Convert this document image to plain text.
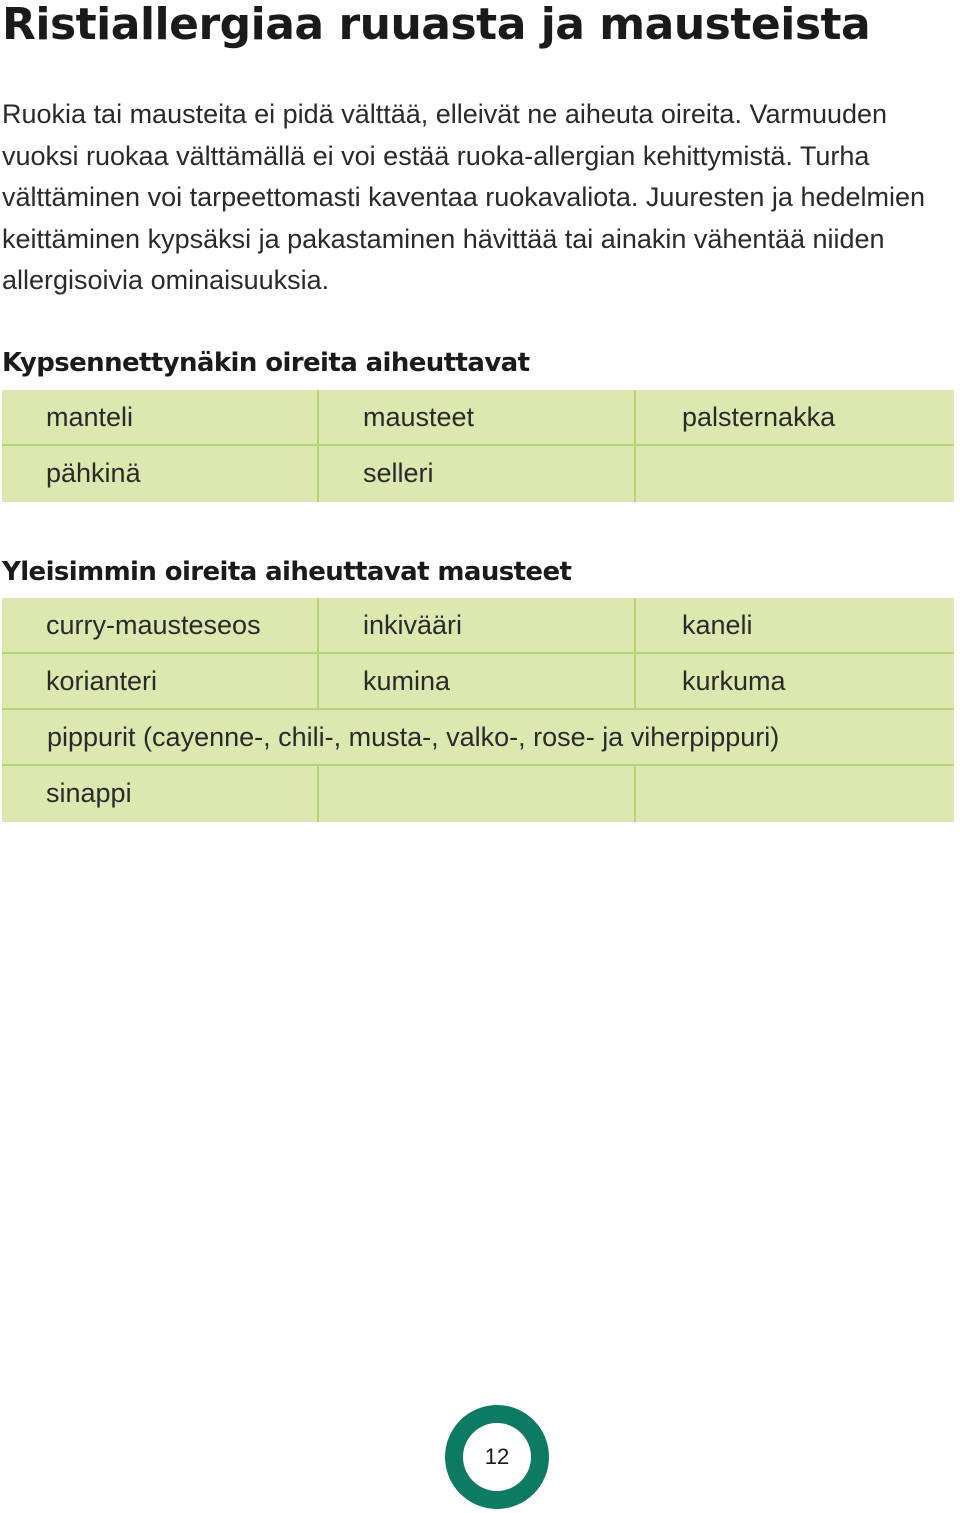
Ristiallergiaa ruuasta ja mausteista

Ruokia tai mausteita ei pidä välttää, elleivät ne aiheuta oireita. Varmuuden vuoksi ruokaa välttämällä ei voi estää ruoka-allergian kehittymistä. Turha välttäminen voi tarpeettomasti kaventaa ruokavaliota. Juuresten ja hedelmien keittäminen kypsäksi ja pakastaminen hävittää tai ainakin vähentää niiden allergisoivia ominaisuuksia.

Kypsennettynäkin oireita aiheuttavat
manteli	mausteet	palsternakka
pähkinä	selleri
Yleisimmin oireita aiheuttavat mausteet
curry-mausteseos	inkivääri	kaneli
korianteri	kumina	kurkuma
pippurit (cayenne-, chili-, musta-, valko-, rose- ja viherpippuri)
sinappi
12
